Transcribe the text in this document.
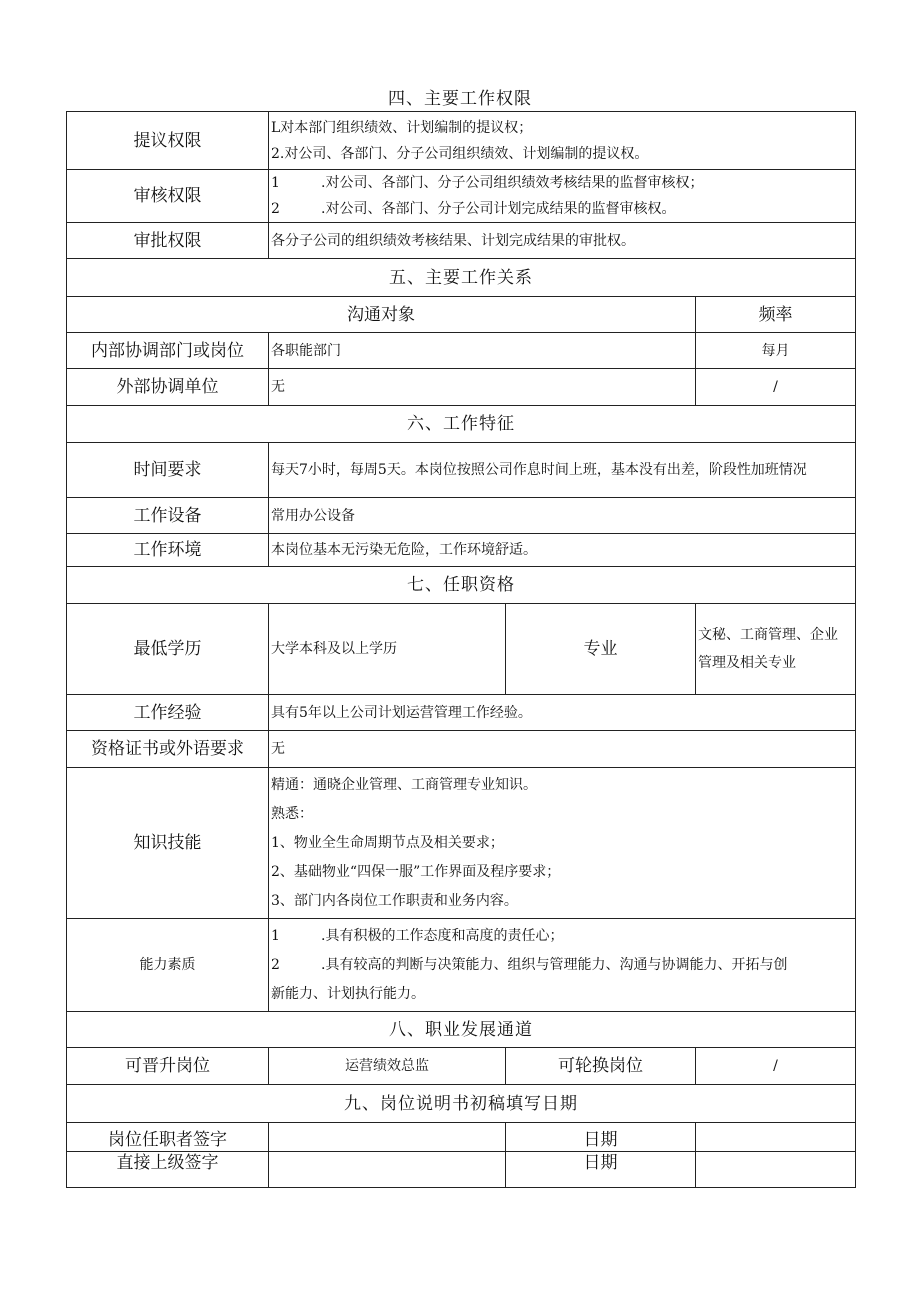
四、主要工作权限
提议权限	L对本部门组织绩效、计划编制的提议权；
2.对公司、各部门、分子公司组织绩效、计划编制的提议权。		

审核权限	1 .对公司、各部门、分子公司组织绩效考核结果的监督审核权；
2 .对公司、各部门、分子公司计划完成结果的监督审核权。		

审批权限	各分子公司的组织绩效考核结果、计划完成结果的审批权。		
五、主要工作关系			
沟通对象			频率
内部协调部门或岗位	各职能部门		每月
外部协调单位	无		/
六、工作特征			
时间要求	每天7小时，每周5天。本岗位按照公司作息时间上班，基本没有出差，阶段性加班情况		
工作设备	常用办公设备		
工作环境	本岗位基本无污染无危险，工作环境舒适。		
七、任职资格			
最低学历	大学本科及以上学历	专业	文秘、工商管理、企业
管理及相关专业

工作经验	具有5年以上公司计划运营管理工作经验。		
资格证书或外语要求	无		
知识技能	精通：通晓企业管理、工商管理专业知识。
熟悉：
1、物业全生命周期节点及相关要求；
2、基础物业“四保一服”工作界面及程序要求；
3、部门内各岗位工作职责和业务内容。		

能力素质	1 .具有积极的工作态度和高度的责任心；
2 .具有较高的判断与决策能力、组织与管理能力、沟通与协调能力、开拓与创
新能力、计划执行能力。		

八、职业发展通道			
可晋升岗位	运营绩效总监	可轮换岗位	/
九、岗位说明书初稿填写日期			
岗位任职者签字		日期	
直接上级签字		日期	
